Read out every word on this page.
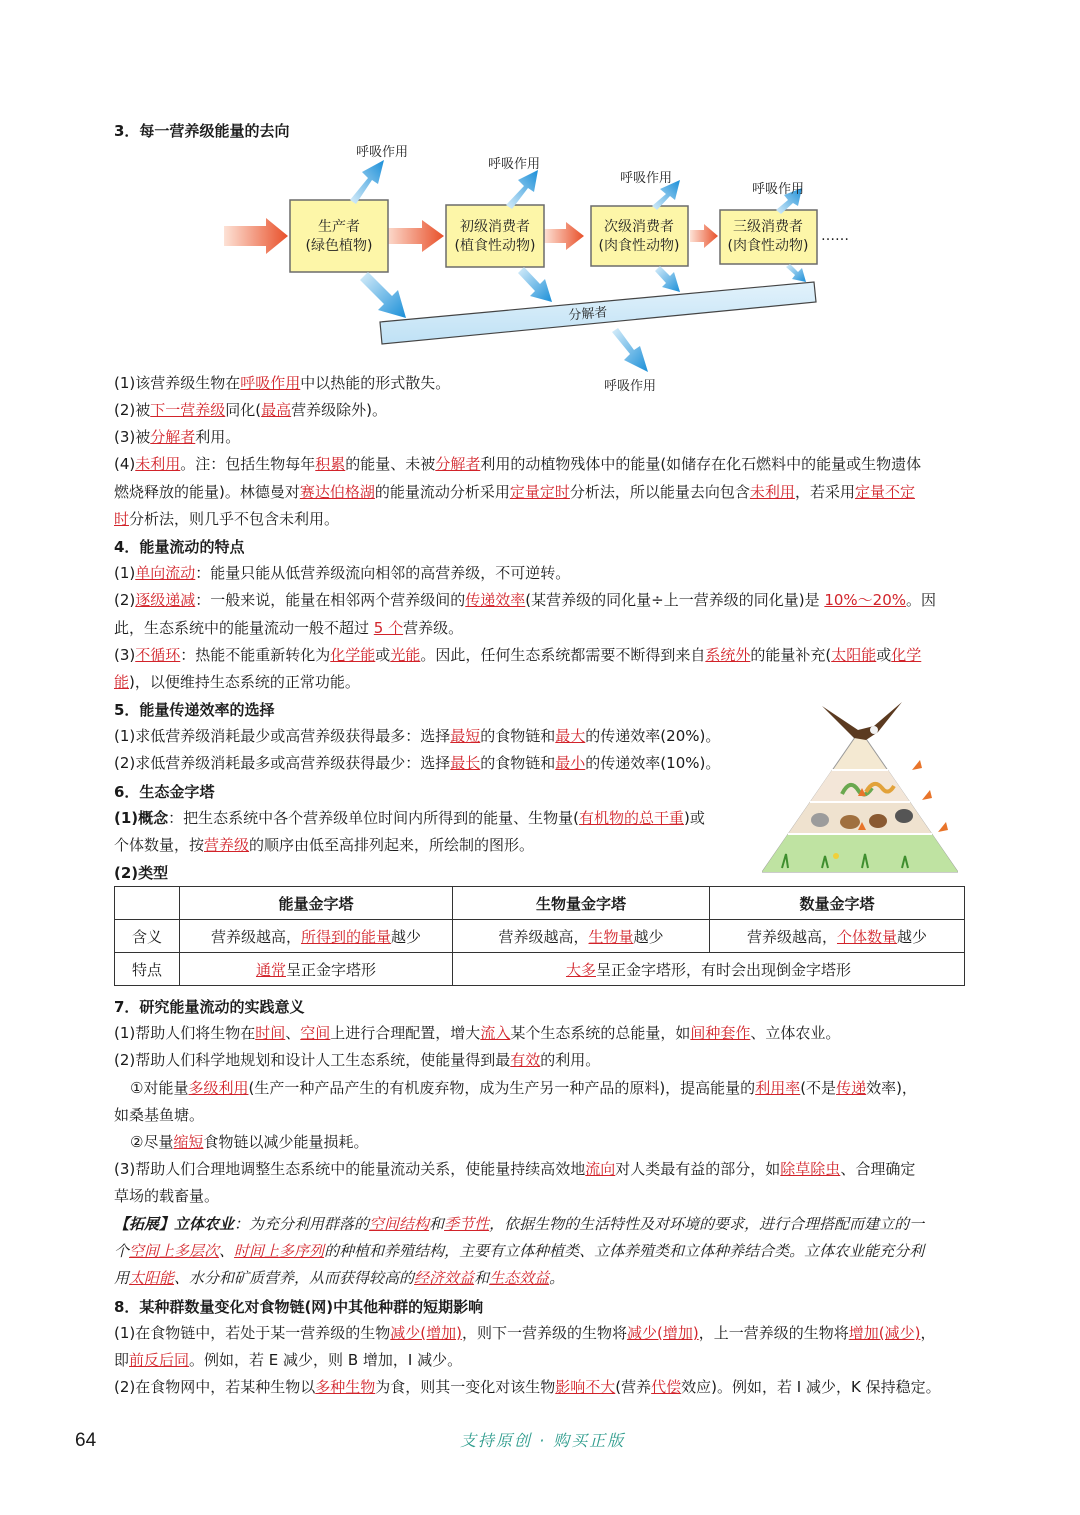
3．每一营养级能量的去向
生产者
(绿色植物)
初级消费者
(植食性动物)
次级消费者
(肉食性动物)
三级消费者
(肉食性动物)
……
呼吸作用
呼吸作用
呼吸作用
呼吸作用
分解者
呼吸作用
(1)该营养级生物在呼吸作用中以热能的形式散失。
(2)被下一营养级同化(最高营养级除外)。
(3)被分解者利用。
(4)未利用。注：包括生物每年积累的能量、未被分解者利用的动植物残体中的能量(如储存在化石燃料中的能量或生物遗体
燃烧释放的能量)。林德曼对赛达伯格湖的能量流动分析采用定量定时分析法，所以能量去向包含未利用，若采用定量不定
时分析法，则几乎不包含未利用。
4．能量流动的特点
(1)单向流动：能量只能从低营养级流向相邻的高营养级，不可逆转。
(2)逐级递减：一般来说，能量在相邻两个营养级间的传递效率(某营养级的同化量÷上一营养级的同化量)是 10%～20%。因
此，生态系统中的能量流动一般不超过 5 个营养级。
(3)不循环：热能不能重新转化为化学能或光能。因此，任何生态系统都需要不断得到来自系统外的能量补充(太阳能或化学
能)，以便维持生态系统的正常功能。
5．能量传递效率的选择
(1)求低营养级消耗最少或高营养级获得最多：选择最短的食物链和最大的传递效率(20%)。
(2)求低营养级消耗最多或高营养级获得最少：选择最长的食物链和最小的传递效率(10%)。
6．生态金字塔
(1)概念：把生态系统中各个营养级单位时间内所得到的能量、生物量(有机物的总干重)或
个体数量，按营养级的顺序由低至高排列起来，所绘制的图形。
(2)类型
	能量金字塔	生物量金字塔	数量金字塔
含义	营养级越高，所得到的能量越少	营养级越高，生物量越少	营养级越高，个体数量越少
特点	通常呈正金字塔形	大多呈正金字塔形，有时会出现倒金字塔形	
7．研究能量流动的实践意义
(1)帮助人们将生物在时间、空间上进行合理配置，增大流入某个生态系统的总能量，如间种套作、立体农业。
(2)帮助人们科学地规划和设计人工生态系统，使能量得到最有效的利用。
①对能量多级利用(生产一种产品产生的有机废弃物，成为生产另一种产品的原料)，提高能量的利用率(不是传递效率)，
如桑基鱼塘。
②尽量缩短食物链以减少能量损耗。
(3)帮助人们合理地调整生态系统中的能量流动关系，使能量持续高效地流向对人类最有益的部分，如除草除虫、合理确定
草场的载畜量。
【拓展】立体农业：为充分利用群落的空间结构和季节性，依据生物的生活特性及对环境的要求，进行合理搭配而建立的一
个空间上多层次、时间上多序列的种植和养殖结构，主要有立体种植类、立体养殖类和立体种养结合类。立体农业能充分利
用太阳能、水分和矿质营养，从而获得较高的经济效益和生态效益。
8．某种群数量变化对食物链(网)中其他种群的短期影响
(1)在食物链中，若处于某一营养级的生物减少(增加)，则下一营养级的生物将减少(增加)，上一营养级的生物将增加(减少)，
即前反后同。例如，若 E 减少，则 B 增加，I 减少。
(2)在食物网中，若某种生物以多种生物为食，则其一变化对该生物影响不大(营养代偿效应)。例如，若 I 减少，K 保持稳定。
64	支持原创 · 购买正版
